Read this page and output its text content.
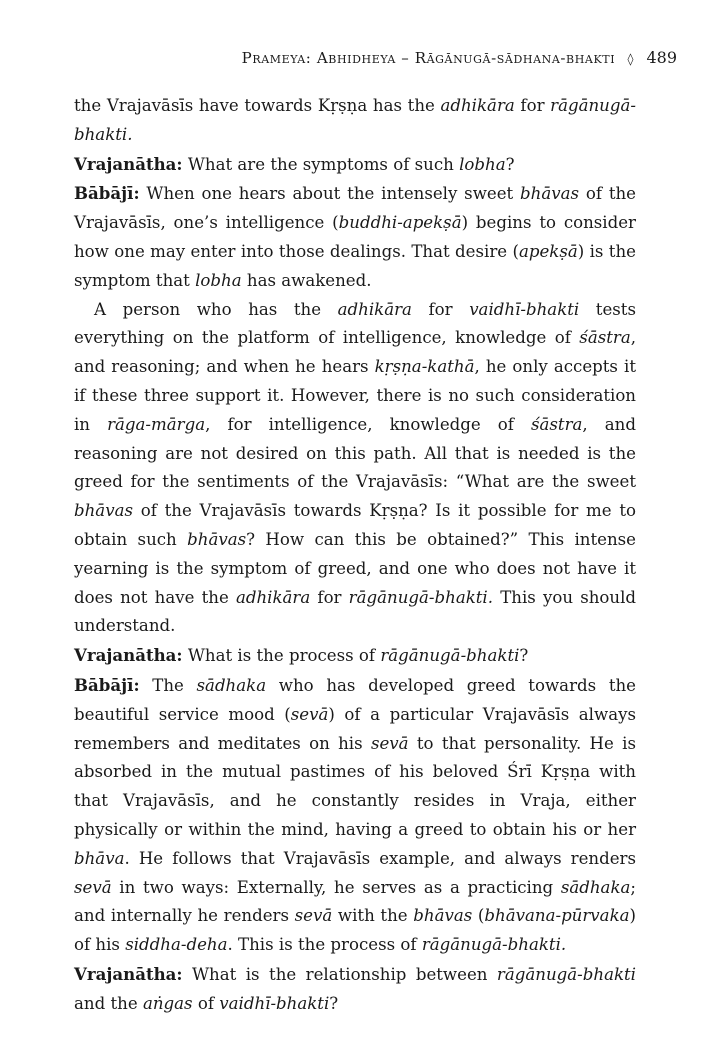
Prameya: Abhidheya – Rāgānugā-sādhana-bhakti ◊ 489

the Vrajavāsīs have towards Kṛṣṇa has the adhikāra for rāgānugā-bhakti.

Vrajanātha: What are the symptoms of such lobha?

Bābājī: When one hears about the intensely sweet bhāvas of the Vrajavāsīs, one’s intelligence (buddhi-apekṣā) begins to consider how one may enter into those dealings. That desire (apekṣā) is the symptom that lobha has awakened.

A person who has the adhikāra for vaidhī-bhakti tests everything on the platform of intelligence, knowledge of śāstra, and reasoning; and when he hears kṛṣṇa-kathā, he only accepts it if these three support it. However, there is no such consideration in rāga-mārga, for intelligence, knowledge of śāstra, and reasoning are not desired on this path. All that is needed is the greed for the sentiments of the Vrajavāsīs: “What are the sweet bhāvas of the Vrajavāsīs towards Kṛṣṇa? Is it possible for me to obtain such bhāvas? How can this be obtained?” This intense yearning is the symptom of greed, and one who does not have it does not have the adhikāra for rāgānugā-bhakti. This you should understand.

Vrajanātha: What is the process of rāgānugā-bhakti?

Bābājī: The sādhaka who has developed greed towards the beautiful service mood (sevā) of a particular Vrajavāsīs always remembers and meditates on his sevā to that personality. He is absorbed in the mutual pastimes of his beloved Śrī Kṛṣṇa with that Vrajavāsīs, and he constantly resides in Vraja, either physically or within the mind, having a greed to obtain his or her bhāva. He follows that Vrajavāsīs example, and always renders sevā in two ways: Externally, he serves as a practicing sādhaka; and internally he renders sevā with the bhāvas (bhāvana-pūrvaka) of his siddha-deha. This is the process of rāgānugā-bhakti.

Vrajanātha: What is the relationship between rāgānugā-bhakti and the aṅgas of vaidhī-bhakti?
